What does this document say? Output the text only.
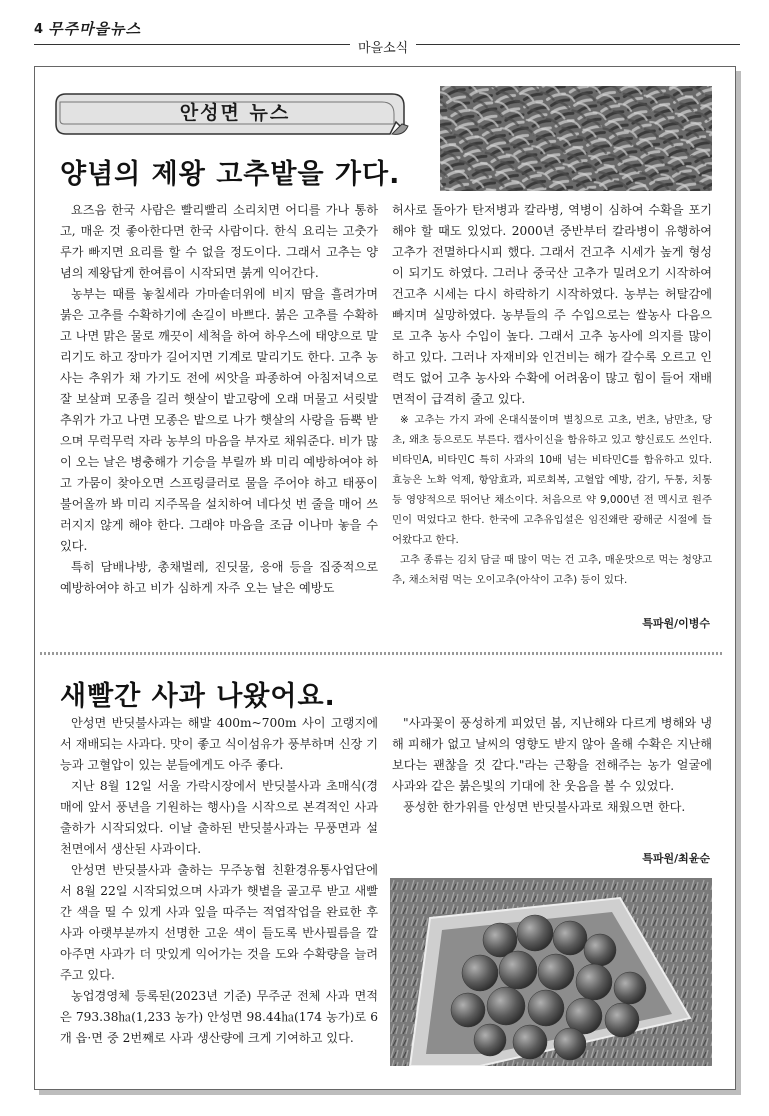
4 무주마을뉴스
마을소식
안성면 뉴스
양념의 제왕 고추밭을 가다.

요즈음 한국 사람은 빨리빨리 소리치면 어디를 가나 통하고, 매운 것 좋아한다면 한국 사람이다. 한식 요리는 고춧가루가 빠지면 요리를 할 수 없을 정도이다. 그래서 고추는 양념의 제왕답게 한여름이 시작되면 붉게 익어간다.

농부는 때를 놓칠세라 가마솥더위에 비지 땀을 흘려가며 붉은 고추를 수확하기에 손길이 바쁘다. 붉은 고추를 수확하고 나면 맑은 물로 깨끗이 세척을 하여 하우스에 태양으로 말리기도 하고 장마가 길어지면 기계로 말리기도 한다. 고추 농사는 추위가 채 가기도 전에 씨앗을 파종하여 아침저녁으로 잘 보살펴 모종을 길러 햇살이 밭고랑에 오래 머물고 서릿발 추위가 가고 나면 모종은 밭으로 나가 햇살의 사랑을 듬뿍 받으며 무럭무럭 자라 농부의 마음을 부자로 채워준다. 비가 많이 오는 날은 병충해가 기승을 부릴까 봐 미리 예방하여야 하고 가뭄이 찾아오면 스프링클러로 물을 주어야 하고 태풍이 불어올까 봐 미리 지주목을 설치하여 네다섯 번 줄을 매어 쓰러지지 않게 해야 한다. 그래야 마음을 조금 이나마 놓을 수 있다.

특히 담배나방, 총채벌레, 진딧물, 응애 등을 집중적으로 예방하여야 하고 비가 심하게 자주 오는 날은 예방도

허사로 돌아가 탄저병과 칼라병, 역병이 심하여 수확을 포기해야 할 때도 있었다. 2000년 중반부터 칼라병이 유행하여 고추가 전멸하다시피 했다. 그래서 건고추 시세가 높게 형성이 되기도 하였다. 그러나 중국산 고추가 밀려오기 시작하여 건고추 시세는 다시 하락하기 시작하였다. 농부는 허탈감에 빠지며 실망하였다. 농부들의 주 수입으로는 쌀농사 다음으로 고추 농사 수입이 높다. 그래서 고추 농사에 의지를 많이 하고 있다. 그러나 자재비와 인건비는 해가 갈수록 오르고 인력도 없어 고추 농사와 수확에 어려움이 많고 힘이 들어 재배면적이 급격히 줄고 있다.

※ 고추는 가지 과에 온대식물이며 별칭으로 고초, 번초, 남만초, 당초, 왜초 등으로도 부른다. 캡사이신을 함유하고 있고 향신료도 쓰인다. 비타민A, 비타민C 특히 사과의 10배 넘는 비타민C를 함유하고 있다. 효능은 노화 억제, 항암효과, 피로회복, 고혈압 예방, 감기, 두통, 치통 등 영양적으로 뛰어난 채소이다. 처음으로 약 9,000년 전 멕시코 원주민이 먹었다고 한다. 한국에 고추유입설은 임진왜란 광해군 시절에 들어왔다고 한다.

고추 종류는 김치 담글 때 많이 먹는 건 고추, 매운맛으로 먹는 청양고추, 채소처럼 먹는 오이고추(아삭이 고추) 등이 있다.

특파원/이병수
새빨간 사과 나왔어요.

안성면 반딧불사과는 해발 400m~700m 사이 고랭지에서 재배되는 사과다. 맛이 좋고 식이섬유가 풍부하며 신장 기능과 고혈압이 있는 분들에게도 아주 좋다.

지난 8월 12일 서울 가락시장에서 반딧불사과 초매식(경매에 앞서 풍년을 기원하는 행사)을 시작으로 본격적인 사과 출하가 시작되었다. 이날 출하된 반딧불사과는 무풍면과 설천면에서 생산된 사과이다.

안성면 반딧불사과 출하는 무주농협 친환경유통사업단에서 8월 22일 시작되었으며 사과가 햇볕을 골고루 받고 새빨간 색을 띨 수 있게 사과 잎을 따주는 적엽작업을 완료한 후 사과 아랫부분까지 선명한 고운 색이 들도록 반사필름을 깔아주면 사과가 더 맛있게 익어가는 것을 도와 수확량을 늘려주고 있다.

농업경영체 등록된(2023년 기준) 무주군 전체 사과 면적은 793.38㏊(1,233 농가) 안성면 98.44㏊(174 농가)로 6개 읍·면 중 2번째로 사과 생산량에 크게 기여하고 있다.

"사과꽃이 풍성하게 피었던 봄, 지난해와 다르게 병해와 냉해 피해가 없고 날씨의 영향도 받지 않아 올해 수확은 지난해보다는 괜찮을 것 같다."라는 근황을 전해주는 농가 얼굴에 사과와 같은 붉은빛의 기대에 찬 웃음을 볼 수 있었다.

풍성한 한가위를 안성면 반딧불사과로 채웠으면 한다.

특파원/최윤순
